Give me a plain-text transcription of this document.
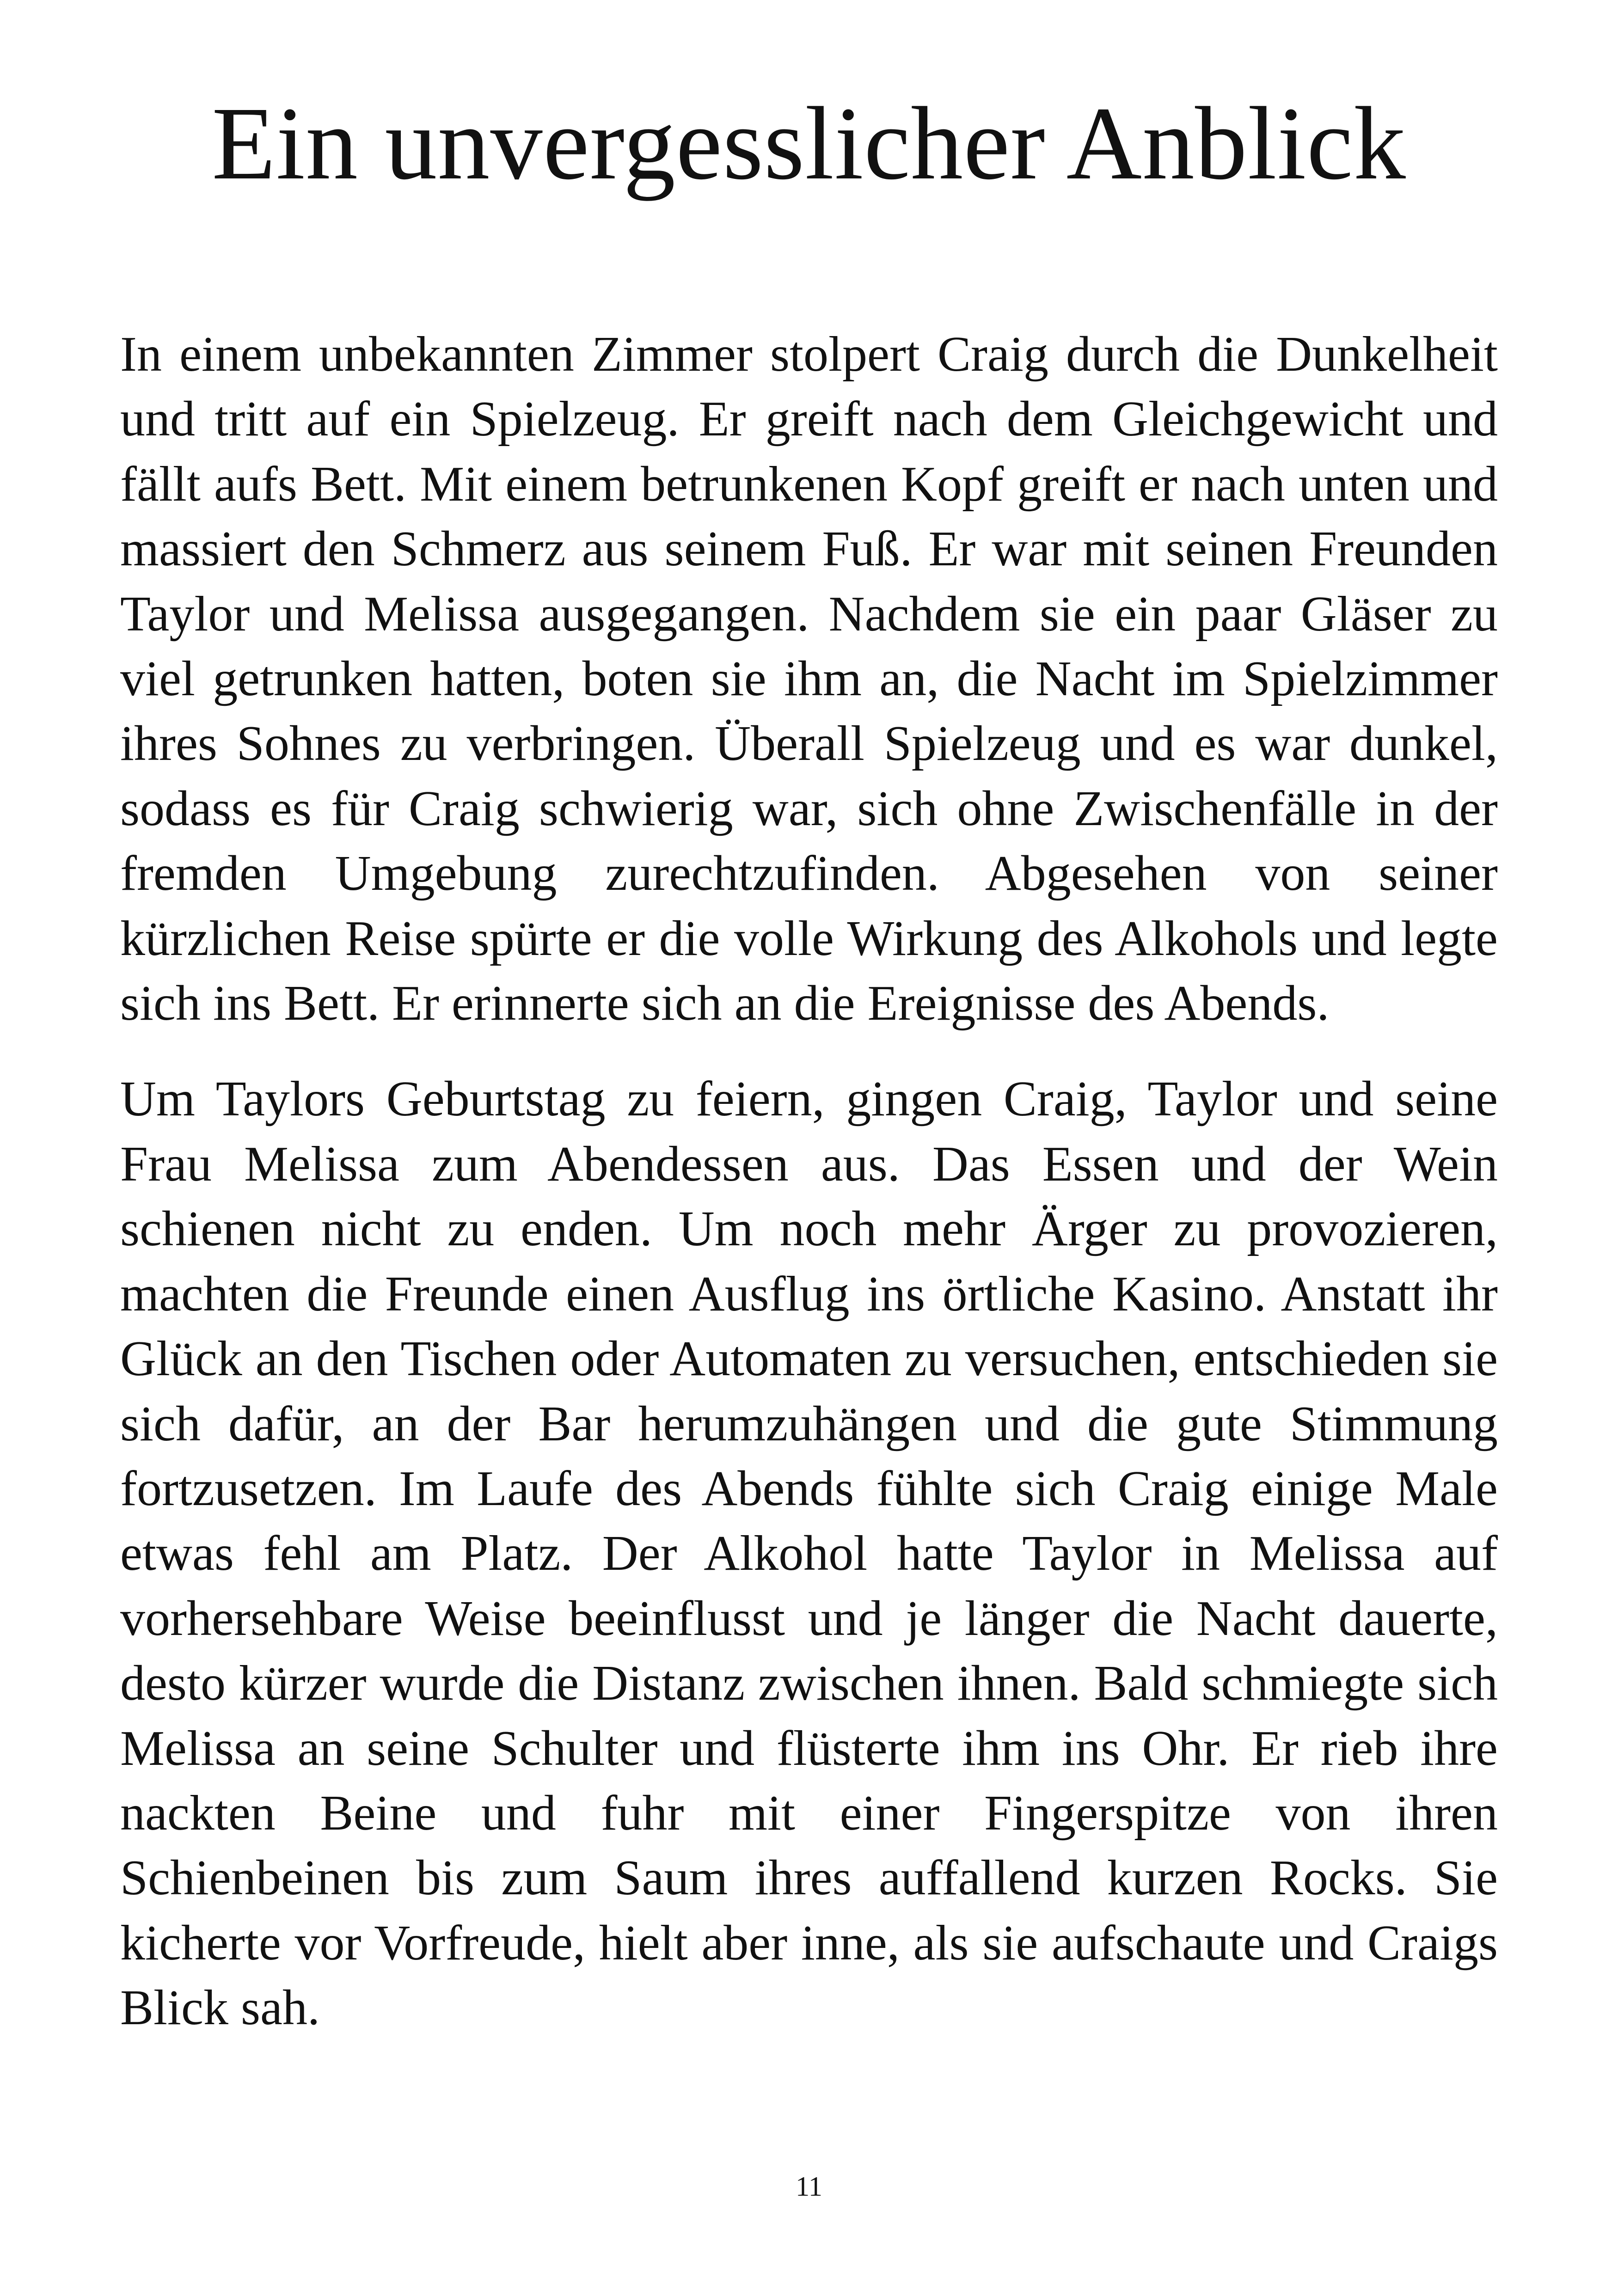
Ein unvergesslicher Anblick

In einem unbekannten Zimmer stolpert Craig durch die Dunkelheit und tritt auf ein Spielzeug. Er greift nach dem Gleichgewicht und fällt aufs Bett. Mit einem betrunkenen Kopf greift er nach unten und massiert den Schmerz aus seinem Fuß. Er war mit seinen Freunden Taylor und Melissa ausgegangen. Nachdem sie ein paar Gläser zu viel getrunken hatten, boten sie ihm an, die Nacht im Spielzimmer ihres Sohnes zu verbringen. Überall Spielzeug und es war dunkel, sodass es für Craig schwierig war, sich ohne Zwischenfälle in der fremden Umgebung zurechtzufinden. Abgesehen von seiner kürzlichen Reise spürte er die volle Wirkung des Alkohols und legte sich ins Bett. Er erinnerte sich an die Ereignisse des Abends.

Um Taylors Geburtstag zu feiern, gingen Craig, Taylor und seine Frau Melissa zum Abendessen aus. Das Essen und der Wein schienen nicht zu enden. Um noch mehr Ärger zu provozieren, machten die Freunde einen Ausflug ins örtliche Kasino. Anstatt ihr Glück an den Tischen oder Automaten zu versuchen, entschieden sie sich dafür, an der Bar herumzuhängen und die gute Stimmung fortzusetzen. Im Laufe des Abends fühlte sich Craig einige Male etwas fehl am Platz. Der Alkohol hatte Taylor in Melissa auf vorhersehbare Weise beeinflusst und je länger die Nacht dauerte, desto kürzer wurde die Distanz zwischen ihnen. Bald schmiegte sich Melissa an seine Schulter und flüsterte ihm ins Ohr. Er rieb ihre nackten Beine und fuhr mit einer Fingerspitze von ihren Schienbeinen bis zum Saum ihres auffallend kurzen Rocks. Sie kicherte vor Vorfreude, hielt aber inne, als sie aufschaute und Craigs Blick sah.

11
